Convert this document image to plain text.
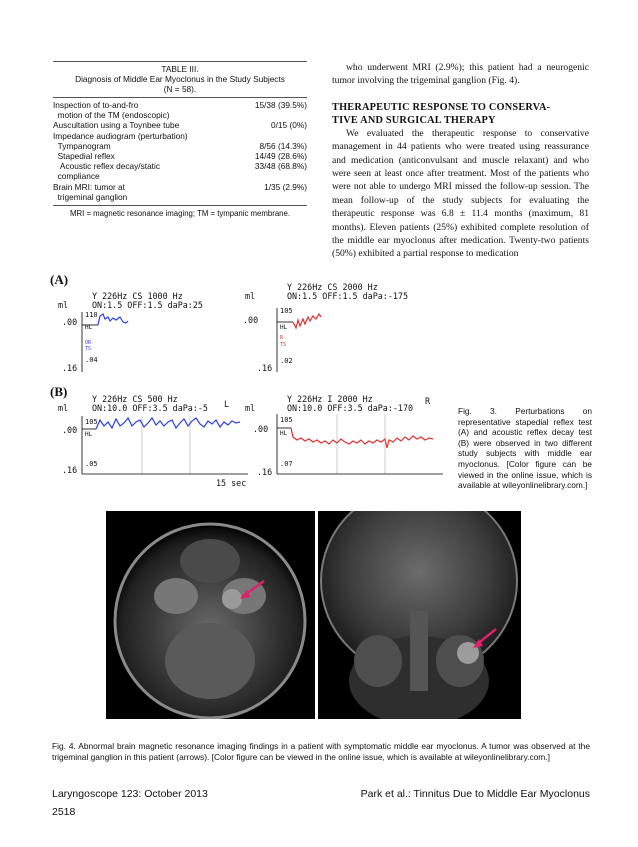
TABLE III.
Diagnosis of Middle Ear Myoclonus in the Study Subjects
(N = 58).
Inspection of to-and-fro	15/38 (39.5%)
motion of the TM (endoscopic)
Auscultation using a Toynbee tube	0/15 (0%)
Impedance audiogram (perturbation)
Tympanogram	8/56 (14.3%)
Stapedial reflex	14/49 (28.6%)
Acoustic reflex decay/static	33/48 (68.8%)
compliance
Brain MRI: tumor at	1/35 (2.9%)
trigeminal ganglion
MRI = magnetic resonance imaging; TM = tympanic membrane.

who underwent MRI (2.9%); this patient had a neurogenic tumor involving the trigeminal ganglion (Fig. 4).

THERAPEUTIC RESPONSE TO CONSERVA-
TIVE AND SURGICAL THERAPY

We evaluated the therapeutic response to conservative management in 44 patients who were treated using reassurance and medication (anticonvulsant and muscle relaxant) and who were seen at least once after treatment. Most of the patients who were not able to undergo MRI missed the follow-up session. The mean follow-up of the study subjects for evaluating the therapeutic response was 6.8 ± 11.4 months (maximum, 81 months). Eleven patients (25%) exhibited complete resolution of the middle ear myoclonus after medication. Twenty-two patients (50%) exhibited a partial response to medication

(A)
(B)
Y 226Hz CS 1000 Hz
ml	ON:1.5 OFF:1.5 daPa:25
.00
.16
110
HL
OR
TS
.04
Y 226Hz CS 2000 Hz
ml	ON:1.5 OFF:1.5 daPa:-175
.00
.16
105
HL
R
TS
.02
Y 226Hz CS 500 Hz
ml	ON:10.0 OFF:3.5 daPa:-5 L
.00
.16
105
HL
.05
15 sec
Y 226Hz I 2000 Hz
ml	ON:10.0 OFF:3.5 daPa:-170
R
.00
.16
105
HL
.07
Fig. 3. Perturbations on representative stapedial reflex test (A) and acoustic reflex decay test (B) were observed in two different study subjects with middle ear myoclonus. [Color figure can be viewed in the online issue, which is available at wileyonlinelibrary.com.]
Fig. 4. Abnormal brain magnetic resonance imaging findings in a patient with symptomatic middle ear myoclonus. A tumor was observed at the trigeminal ganglion in this patient (arrows). [Color figure can be viewed in the online issue, which is available at wileyonlinelibrary.com.]
Laryngoscope 123: October 2013	Park et al.: Tinnitus Due to Middle Ear Myoclonus
2518
